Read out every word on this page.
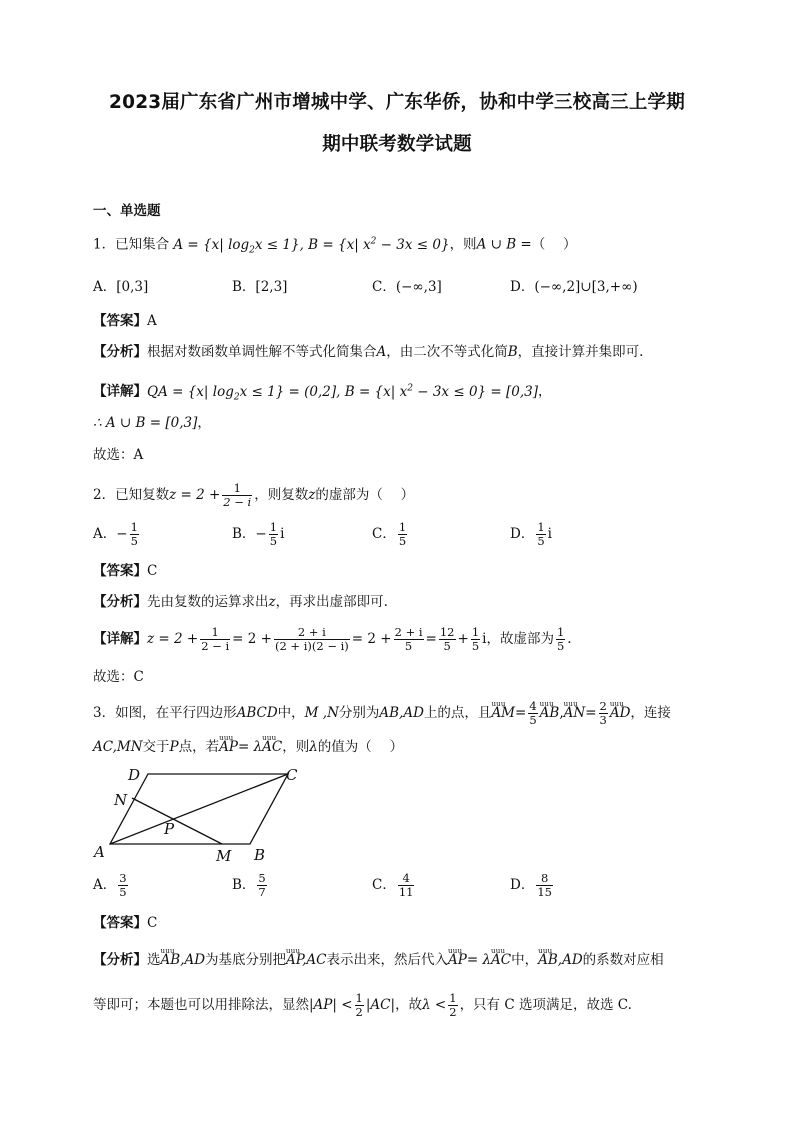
2023届广东省广州市增城中学、广东华侨，协和中学三校高三上学期
期中联考数学试题
一、单选题
1．已知集合 A = {x| $\log_2x \le 1$}, B = {x| $x^2 - 3x \le 0$}，则A ∪ B =（　 ）
A．[0,3]	B．[2,3]	C．(−∞,3]	D．(−∞,2]∪[3,+∞)
【答案】A
【分析】根据对数函数单调性解不等式化简集合A，由二次不等式化简B，直接计算并集即可.
【详解】QA = {x| $\log_2x \le 1\} = (0,2]$, B = {x| $x^2 - 3x \le 0\} = [0,3]$，
∴ A ∪ B = [0,3]，
故选：A
2．已知复数$z = 2 + \frac{1}{2 - i}$ ，则复数z的虚部为（　 ）
A．− $\frac{1}{5}$	B．− $\frac{1}{5}$ i	C． $\frac{1}{5}$	D． $\frac{1}{5}$ i
【答案】C
【分析】先由复数的运算求出z，再求出虚部即可.
【详解】$z = 2 + \frac{1}{2 - i} = 2 + \frac{2 + i}{(2 + i)(2 - i)} = 2 + \frac{2 + i}{5} = \frac{12}{5} + \frac{1}{5}$ i，故虚部为 $\frac{1}{5}$ .
故选：C
3．如图，在平行四边形ABCD中，M ,N分别为AB,AD上的点，且u u u $AM= \frac{4}{5}$ u u u AB,u u u $AN= \frac{2}{3}$ u u u AD，连接
AC,MN交于P点，若u u u AP= λu u u AC，则λ的值为（　 ）
A	B
C
D
M
N
P
A． $\frac{3}{5}$	B． $\frac{5}{7}$	C． $\frac{4}{11}$	D． $\frac{8}{15}$
【答案】C
【分析】选u u u AB,AD为基底分别把u u u AP,AC表示出来，然后代入u u u AP= λu u u AC中，u u u AB,AD的系数对应相
等即可；本题也可以用排除法，显然$|AP| < \frac{1}{2} |AC|$，故$\lambda < \frac{1}{2}$ ，只有 C 选项满足，故选 C.
